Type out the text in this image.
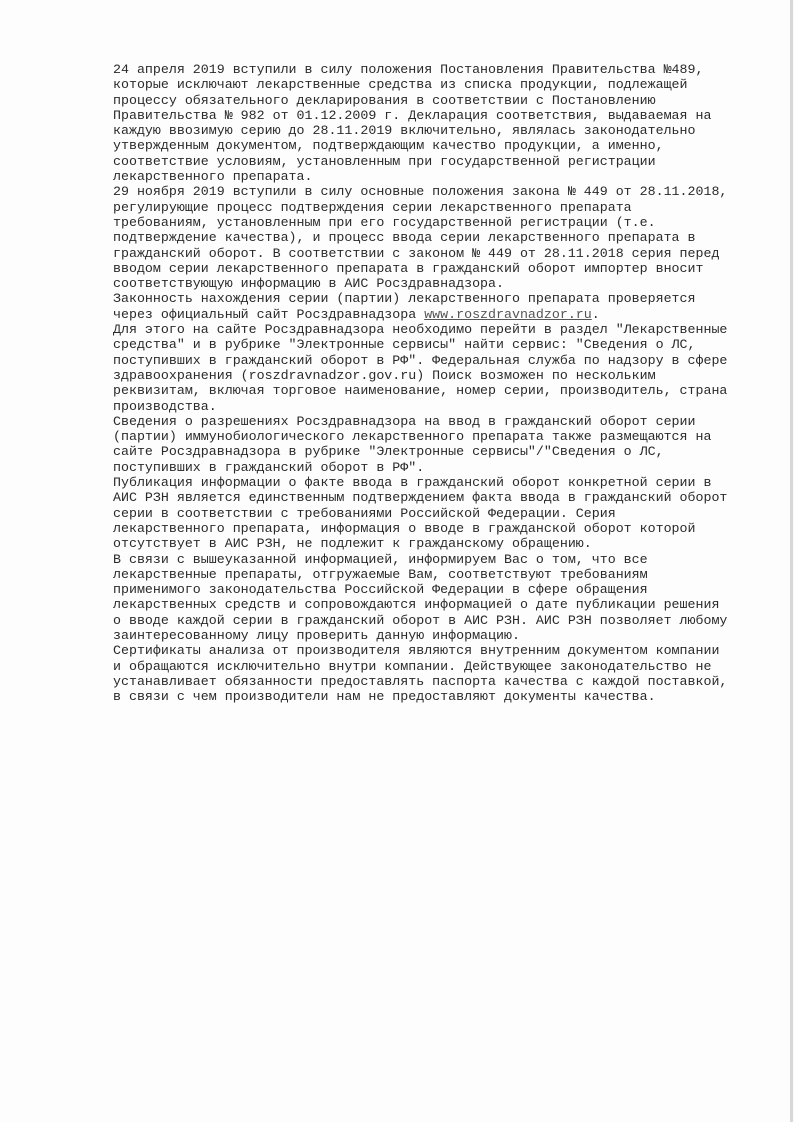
24 апреля 2019 вступили в силу положения Постановления Правительства №489,
которые исключают лекарственные средства из списка продукции, подлежащей
процессу обязательного декларирования в соответствии с Постановлению
Правительства № 982 от 01.12.2009 г. Декларация соответствия, выдаваемая на
каждую ввозимую серию до 28.11.2019 включительно, являлась законодательно
утвержденным документом, подтверждающим качество продукции, а именно,
соответствие условиям, установленным при государственной регистрации
лекарственного препарата.
29 ноября 2019 вступили в силу основные положения закона № 449 от 28.11.2018,
регулирующие процесс подтверждения серии лекарственного препарата
требованиям, установленным при его государственной регистрации (т.е.
подтверждение качества), и процесс ввода серии лекарственного препарата в
гражданский оборот. В соответствии с законом № 449 от 28.11.2018 серия перед
вводом серии лекарственного препарата в гражданский оборот импортер вносит
соответствующую информацию в АИС Росздравнадзора.
Законность нахождения серии (партии) лекарственного препарата проверяется
через официальный сайт Росздравнадзора www.roszdravnadzor.ru.
Для этого на сайте Росздравнадзора необходимо перейти в раздел "Лекарственные
средства" и в рубрике "Электронные сервисы" найти сервис: "Сведения о ЛС,
поступивших в гражданский оборот в РФ". Федеральная служба по надзору в сфере
здравоохранения (roszdravnadzor.gov.ru) Поиск возможен по нескольким
реквизитам, включая торговое наименование, номер серии, производитель, страна
производства.
Сведения о разрешениях Росздравнадзора на ввод в гражданский оборот серии
(партии) иммунобиологического лекарственного препарата также размещаются на
сайте Росздравнадзора в рубрике "Электронные сервисы"/"Сведения о ЛС,
поступивших в гражданский оборот в РФ".
Публикация информации о факте ввода в гражданский оборот конкретной серии в
АИС РЗН является единственным подтверждением факта ввода в гражданский оборот
серии в соответствии с требованиями Российской Федерации. Серия
лекарственного препарата, информация о вводе в гражданской оборот которой
отсутствует в АИС РЗН, не подлежит к гражданскому обращению.
В связи с вышеуказанной информацией, информируем Вас о том, что все
лекарственные препараты, отгружаемые Вам, соответствуют требованиям
применимого законодательства Российской Федерации в сфере обращения
лекарственных средств и сопровождаются информацией о дате публикации решения
о вводе каждой серии в гражданский оборот в АИС РЗН. АИС РЗН позволяет любому
заинтересованному лицу проверить данную информацию.
Сертификаты анализа от производителя являются внутренним документом компании
и обращаются исключительно внутри компании. Действующее законодательство не
устанавливает обязанности предоставлять паспорта качества с каждой поставкой,
в связи с чем производители нам не предоставляют документы качества.
